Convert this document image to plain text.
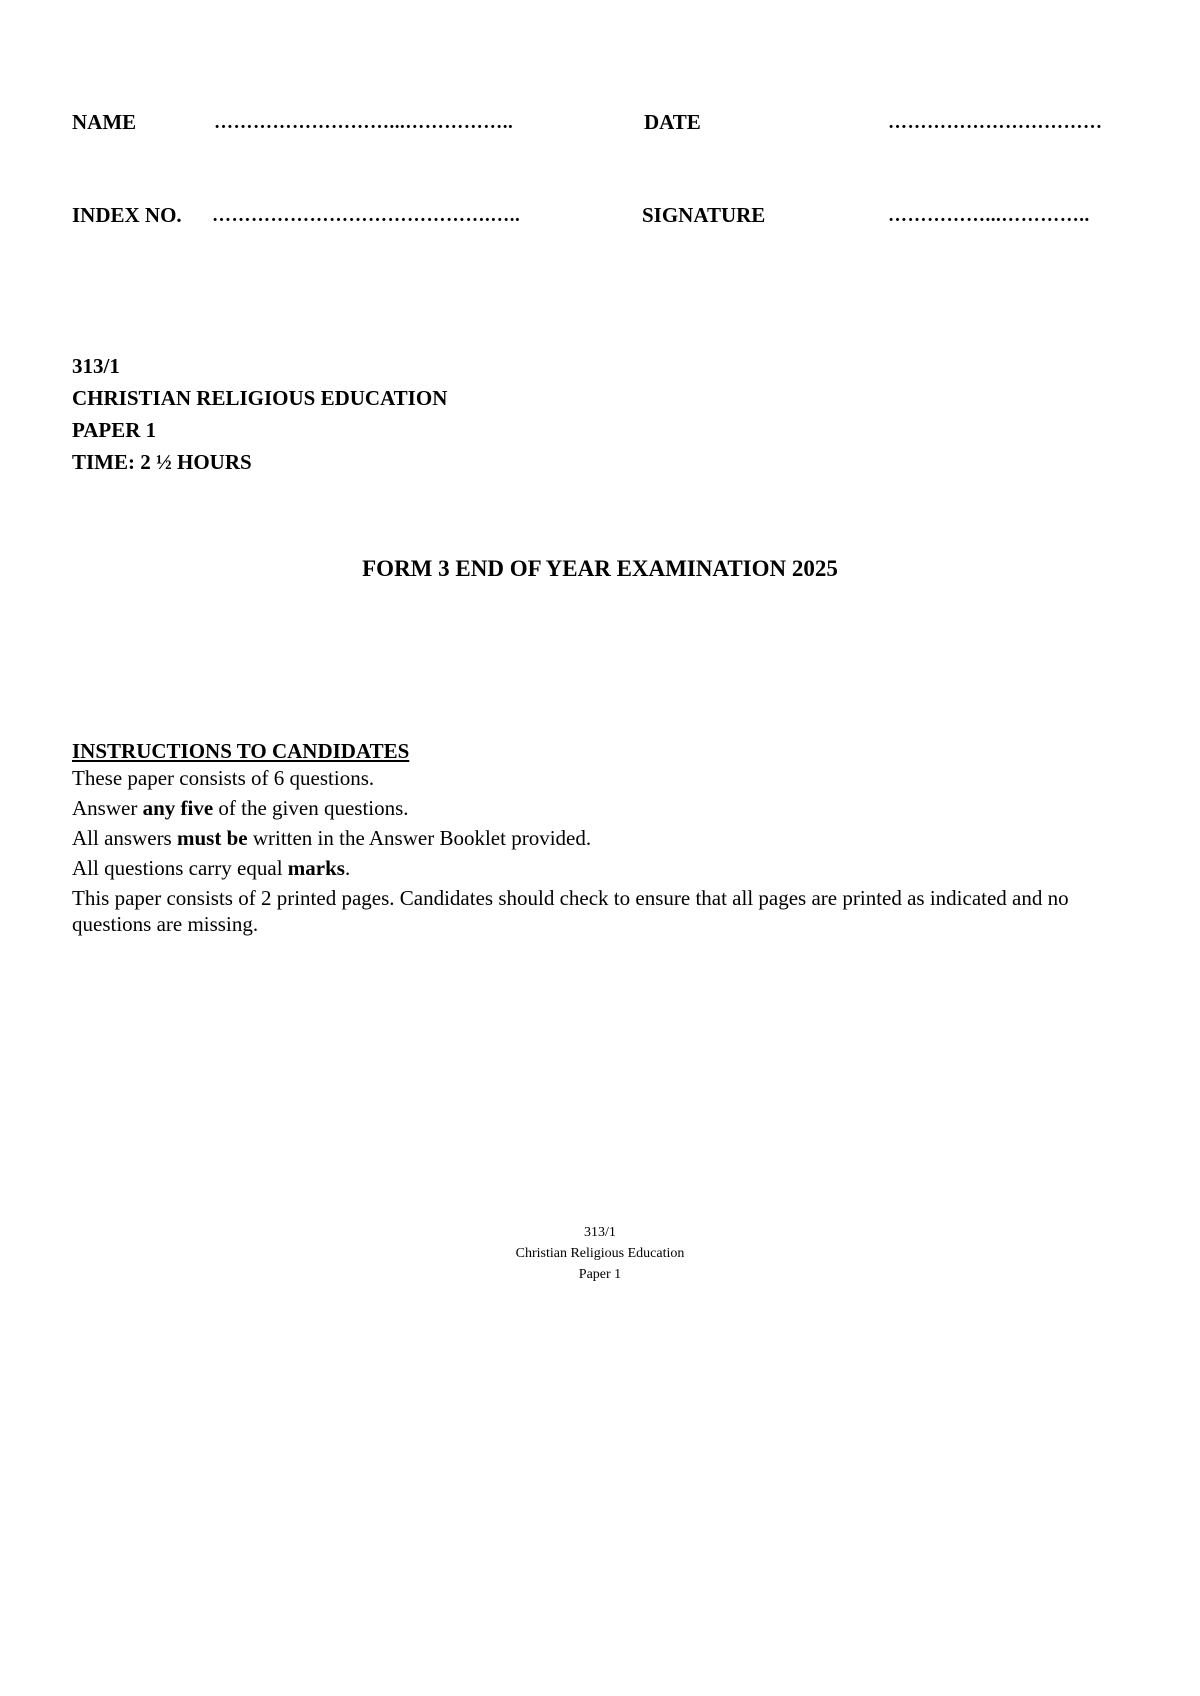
NAME	………………………...……………..	DATE	……………………………
INDEX NO. …………………………………….…..	SIGNATURE	……………...…………..
313/1
CHRISTIAN RELIGIOUS EDUCATION
PAPER 1
TIME: 2 ½ HOURS
FORM 3 END OF YEAR EXAMINATION 2025
INSTRUCTIONS TO CANDIDATES
These paper consists of 6 questions.
Answer any five of the given questions.
All answers must be written in the Answer Booklet provided.
All questions carry equal marks.
This paper consists of 2 printed pages. Candidates should check to ensure that all pages are printed as indicated and no questions are missing.
313/1
Christian Religious Education
Paper 1
